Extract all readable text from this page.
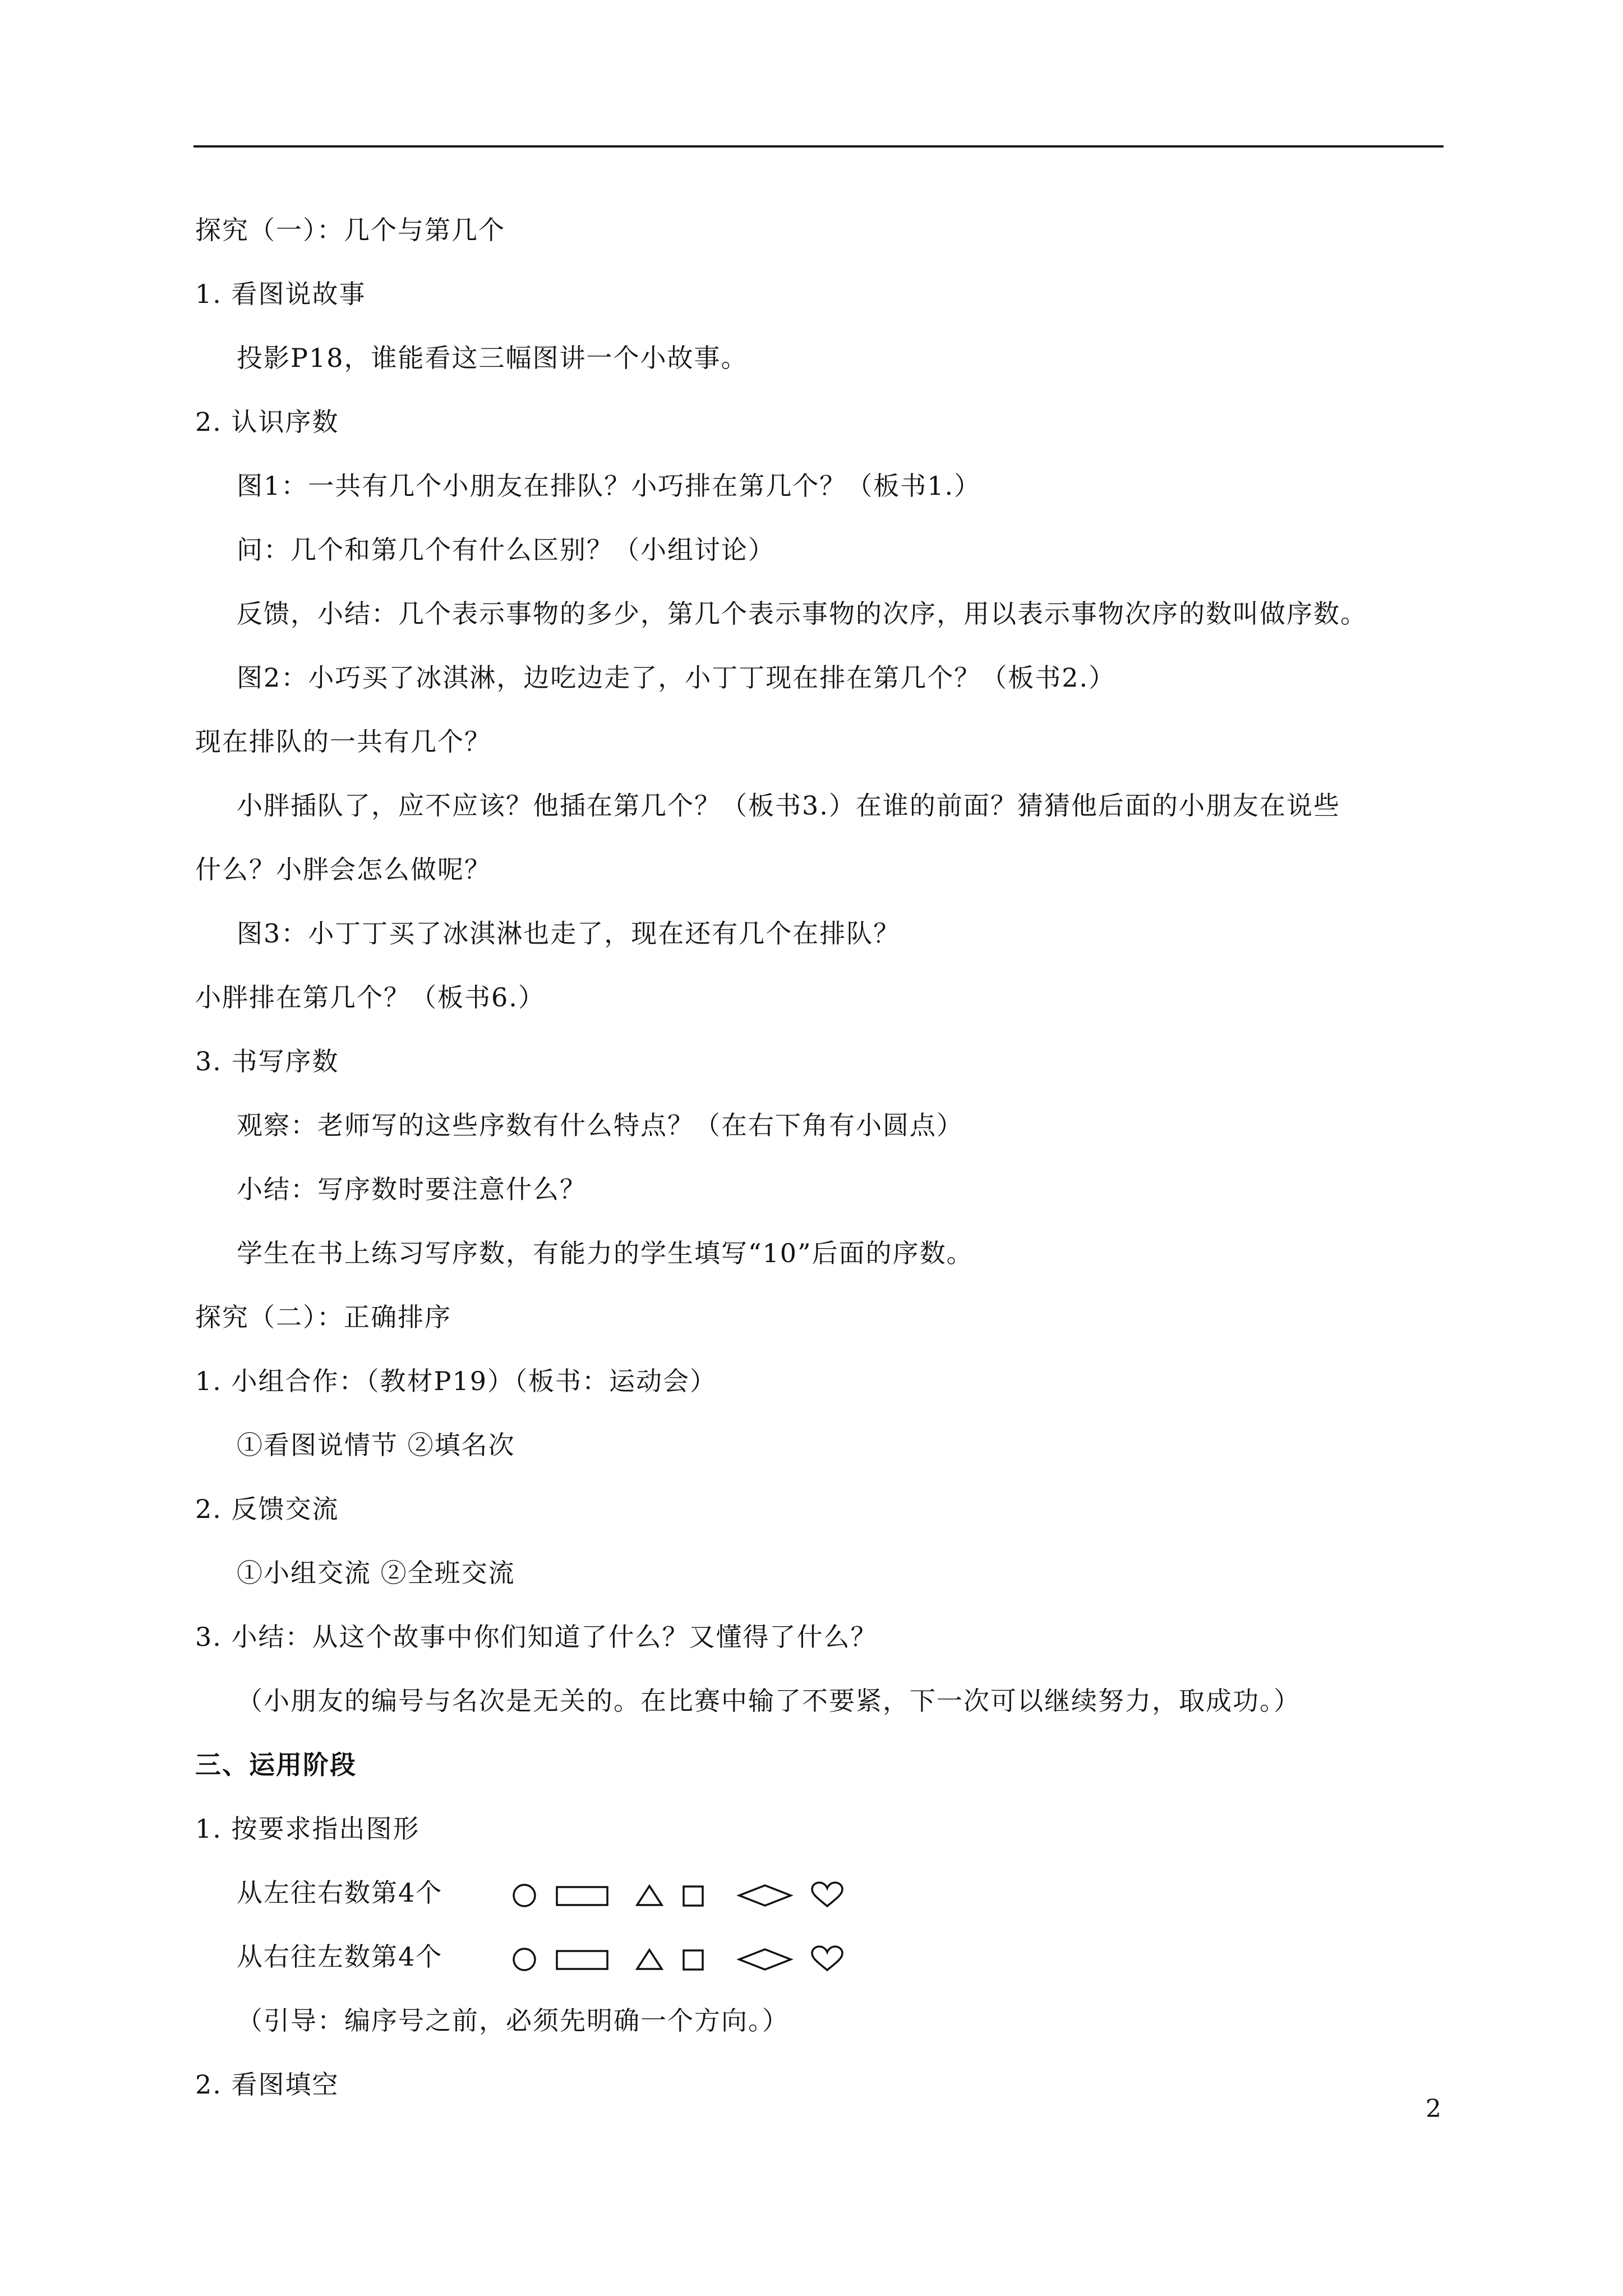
探究（一）：几个与第几个
1. 看图说故事
投影P18，谁能看这三幅图讲一个小故事。
2. 认识序数
图1：一共有几个小朋友在排队？小巧排在第几个？（板书1.）
问：几个和第几个有什么区别？（小组讨论）
反馈，小结：几个表示事物的多少，第几个表示事物的次序，用以表示事物次序的数叫做序数。
图2：小巧买了冰淇淋，边吃边走了，小丁丁现在排在第几个？（板书2.）
现在排队的一共有几个？
小胖插队了，应不应该？他插在第几个？（板书3.）在谁的前面？猜猜他后面的小朋友在说些
什么？小胖会怎么做呢？
图3：小丁丁买了冰淇淋也走了，现在还有几个在排队？
小胖排在第几个？（板书6.）
3. 书写序数
观察：老师写的这些序数有什么特点？（在右下角有小圆点）
小结：写序数时要注意什么？
学生在书上练习写序数，有能力的学生填写“10”后面的序数。
探究（二）：正确排序
1. 小组合作：（教材P19）（板书：运动会）
①看图说情节 ②填名次
2. 反馈交流
①小组交流 ②全班交流
3. 小结：从这个故事中你们知道了什么？又懂得了什么？
（小朋友的编号与名次是无关的。在比赛中输了不要紧，下一次可以继续努力，取成功。）
三、运用阶段
1. 按要求指出图形
从左往右数第4个
从右往左数第4个
（引导：编序号之前，必须先明确一个方向。）
2. 看图填空
2
